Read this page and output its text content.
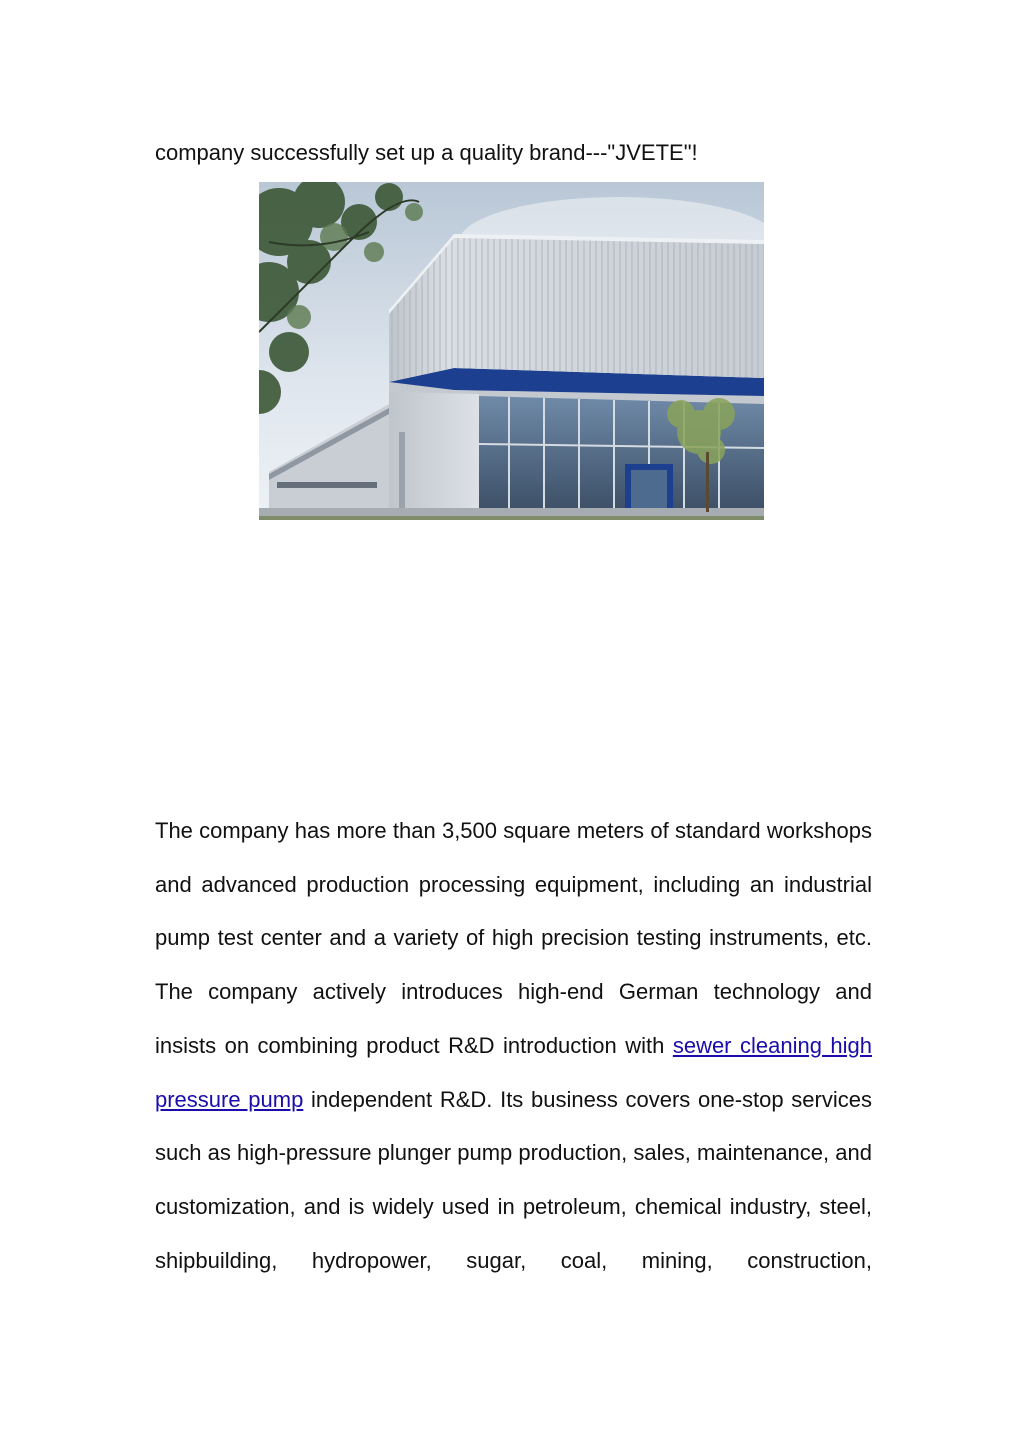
company successfully set up a quality brand---"JVETE"!

The company has more than 3,500 square meters of standard workshops and advanced production processing equipment, including an industrial pump test center and a variety of high precision testing instruments, etc. The company actively introduces high-end German technology and insists on combining product R&D introduction with sewer cleaning high pressure pump independent R&D. Its business covers one-stop services such as high-pressure plunger pump production, sales, maintenance, and customization, and is widely used in petroleum, chemical industry, steel, shipbuilding, hydropower, sugar, coal, mining, construction,
